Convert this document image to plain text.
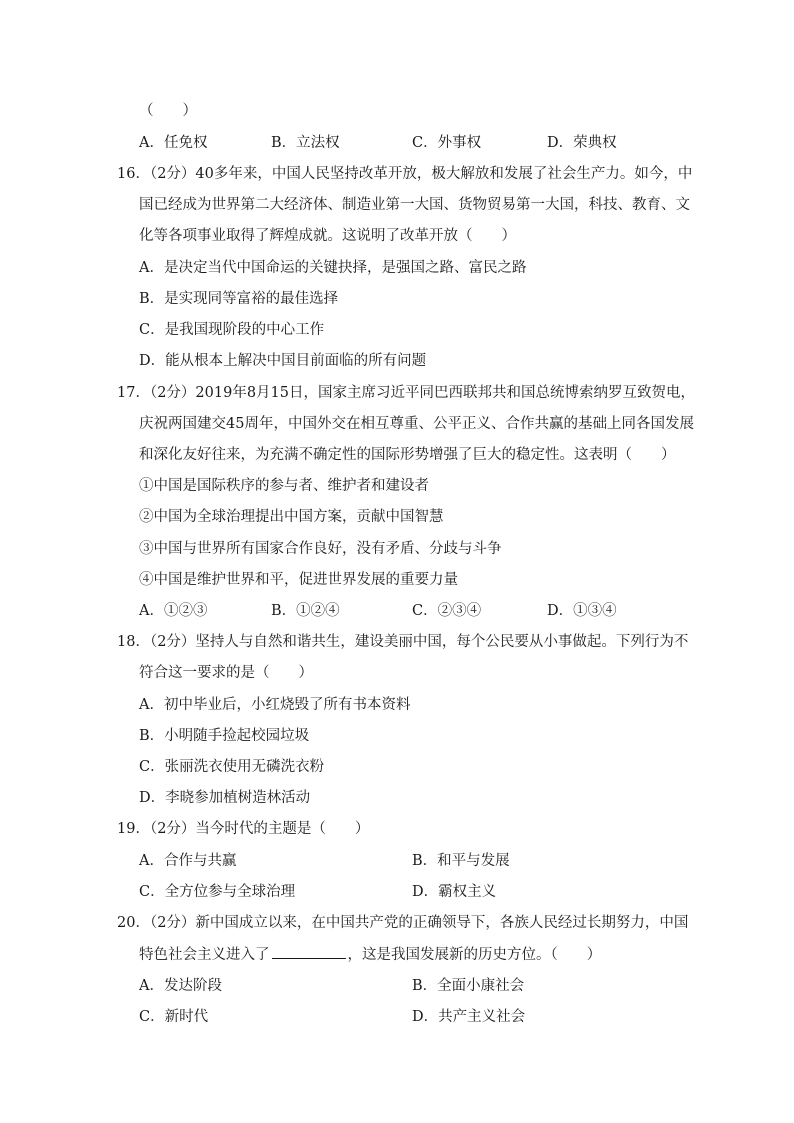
（　　）
A．任免权	B．立法权	C．外事权	D．荣典权
16．（2分）40多年来，中国人民坚持改革开放，极大解放和发展了社会生产力。如今，中
国已经成为世界第二大经济体、制造业第一大国、货物贸易第一大国，科技、教育、文
化等各项事业取得了辉煌成就。这说明了改革开放（　　）
A．是决定当代中国命运的关键抉择，是强国之路、富民之路
B．是实现同等富裕的最佳选择
C．是我国现阶段的中心工作
D．能从根本上解决中国目前面临的所有问题
17．（2分）2019年8月15日，国家主席习近平同巴西联邦共和国总统博索纳罗互致贺电，
庆祝两国建交45周年，中国外交在相互尊重、公平正义、合作共赢的基础上同各国发展
和深化友好往来，为充满不确定性的国际形势增强了巨大的稳定性。这表明（　　）
①中国是国际秩序的参与者、维护者和建设者
②中国为全球治理提出中国方案，贡献中国智慧
③中国与世界所有国家合作良好，没有矛盾、分歧与斗争
④中国是维护世界和平，促进世界发展的重要力量
A．①②③	B．①②④	C．②③④	D．①③④
18．（2分）坚持人与自然和谐共生，建设美丽中国，每个公民要从小事做起。下列行为不
符合这一要求的是（　　）
A．初中毕业后，小红烧毁了所有书本资料
B．小明随手捡起校园垃圾
C．张丽洗衣使用无磷洗衣粉
D．李晓参加植树造林活动
19．（2分）当今时代的主题是（　　）
A．合作与共赢	B．和平与发展
C．全方位参与全球治理	D．霸权主义
20．（2分）新中国成立以来，在中国共产党的正确领导下，各族人民经过长期努力，中国
特色社会主义进入了	，这是我国发展新的历史方位。（　　）
A．发达阶段	B．全面小康社会
C．新时代	D．共产主义社会
